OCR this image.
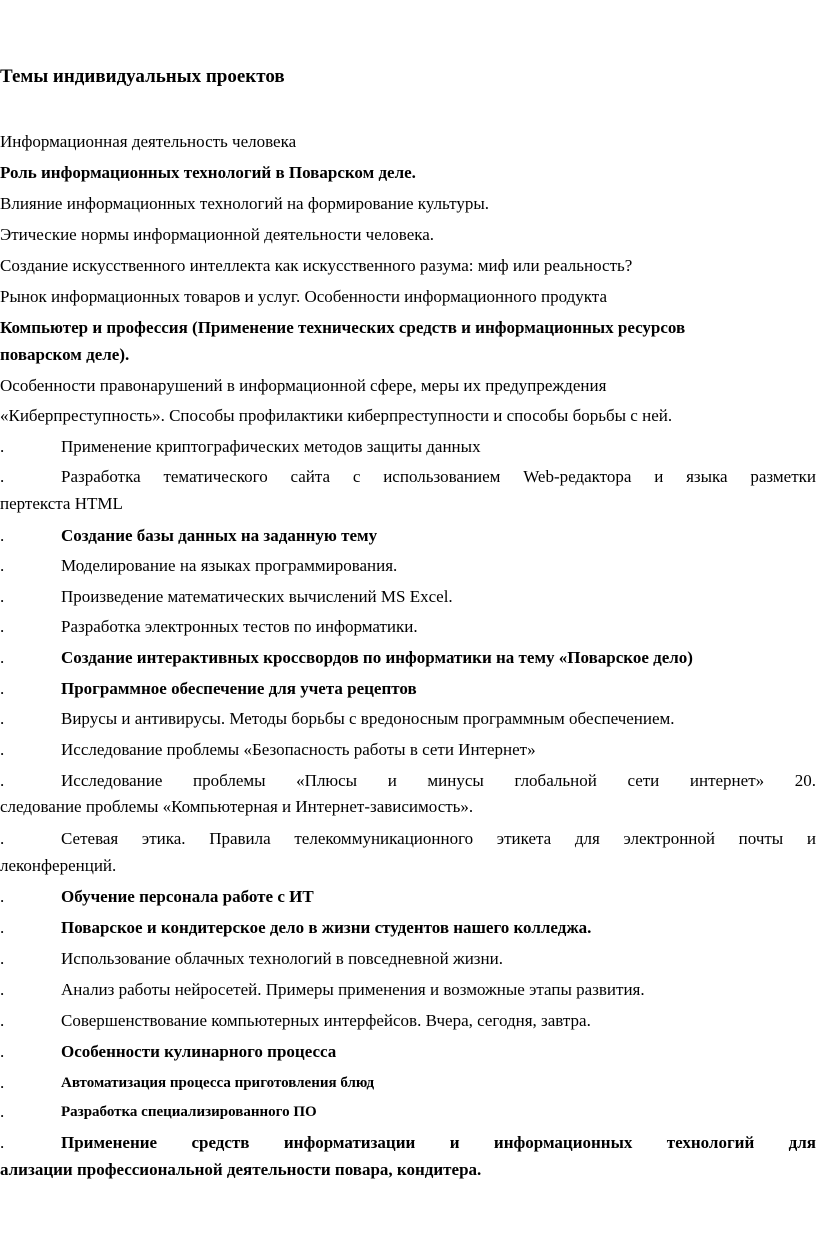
Темы индивидуальных проектов

Информационная деятельность человека

Роль информационных технологий в Поварском деле.

Влияние информационных технологий на формирование культуры.

Этические нормы информационной деятельности человека.

Создание искусственного интеллекта как искусственного разума: миф или реальность?

Рынок информационных товаров и услуг. Особенности информационного продукта

Компьютер и профессия (Применение технических средств и информационных ресурсов

поварском деле).

Особенности правонарушений в информационной сфере, меры их предупреждения

«Киберпреступность». Способы профилактики киберпреступности и способы борьбы с ней.

.	Применение криптографических методов защиты данных
.	Разработка тематического сайта с использованием Web-редактора и языка разметки
пертекста HTML
.	Создание базы данных на заданную тему
.	Моделирование на языках программирования.
.	Произведение математических вычислений MS Excel.
.	Разработка электронных тестов по информатики.
.	Создание интерактивных кроссвордов по информатики на тему «Поварское дело)
.	Программное обеспечение для учета рецептов
.	Вирусы и антивирусы. Методы борьбы с вредоносным программным обеспечением.
.	Исследование проблемы «Безопасность работы в сети Интернет»
.	Исследование проблемы «Плюсы и минусы глобальной сети интернет» 20.
следование проблемы «Компьютерная и Интернет-зависимость».
.	Сетевая этика. Правила телекоммуникационного этикета для электронной почты и
леконференций.
.	Обучение персонала работе с ИТ
.	Поварское и кондитерское дело в жизни студентов нашего колледжа.
.	Использование облачных технологий в повседневной жизни.
.	Анализ работы нейросетей. Примеры применения и возможные этапы развития.
.	Совершенствование компьютерных интерфейсов. Вчера, сегодня, завтра.
.	Особенности кулинарного процесса
.	Автоматизация процесса приготовления блюд
.	Разработка специализированного ПО
.	Применение средств информатизации и информационных технологий для
ализации профессиональной деятельности повара, кондитера.
